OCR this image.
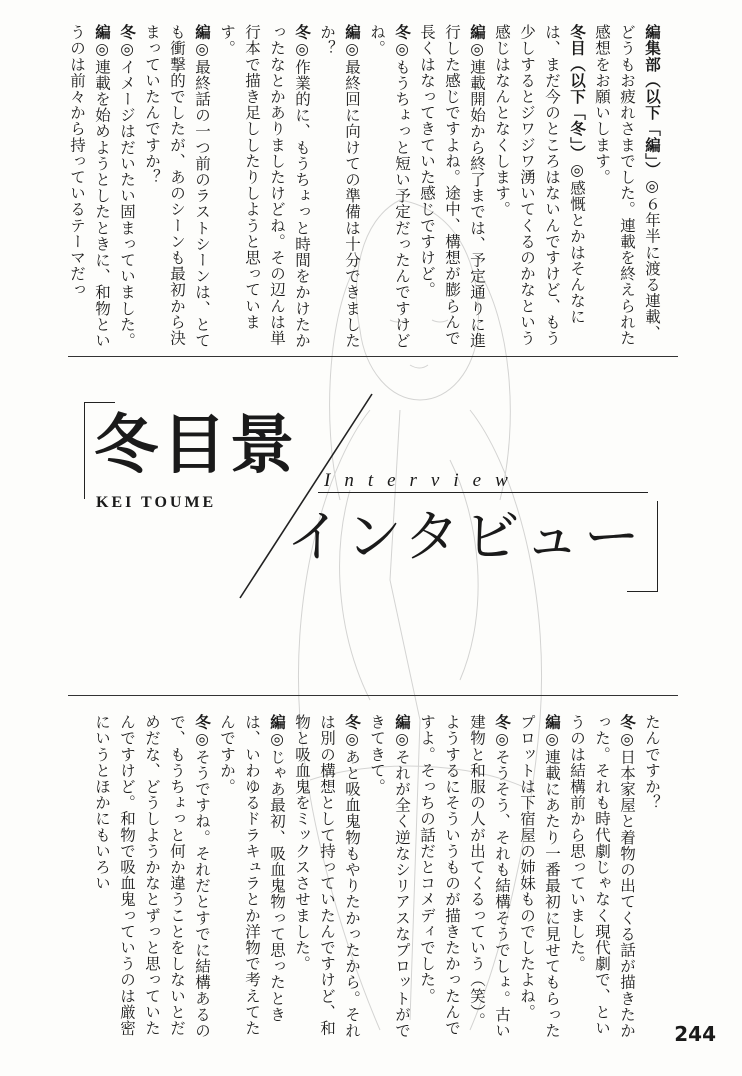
編集部（以下「編」）◎６年半に渡る連載、どうもお疲れさまでした。連載を終えられた感想をお願いします。

冬目（以下「冬」）◎感慨とかはそんなには、まだ今のところはないんですけど、もう少しするとジワジワ湧いてくるのかなという感じはなんとなくします。

編◎連載開始から終了までは、予定通りに進行した感じですよね。途中、構想が膨らんで長くはなってきていた感じですけど。

冬◎もうちょっと短い予定だったんですけどね。

編◎最終回に向けての準備は十分できましたか？

冬◎作業的に、もうちょっと時間をかけたかったなとかありましたけどね。その辺んは単行本で描き足ししたりしようと思っています。

編◎最終話の一つ前のラストシーンは、とても衝撃的でしたが、あのシーンも最初から決まっていたんですか？

冬◎イメージはだいたい固まっていました。

編◎連載を始めようとしたときに、和物というのは前々から持っているテーマだっ

冬目景
KEI TOUME
Interview
インタビュー

たんですか？

冬◎日本家屋と着物の出てくる話が描きたかった。それも時代劇じゃなく現代劇で、というのは結構前から思っていました。

編◎連載にあたり一番最初に見せてもらったプロットは下宿屋の姉妹ものでしたよね。

冬◎そうそう、それも結構そうでしょ。古い建物と和服の人が出てくるっていう（笑）。ようするにそういうものが描きたかったんですよ。そっちの話だとコメディでした。

編◎それが全く逆なシリアスなプロットができてきて。

冬◎あと吸血鬼物もやりたかったから。それは別の構想として持っていたんですけど、和物と吸血鬼をミックスさせました。

編◎じゃあ最初、吸血鬼物って思ったときは、いわゆるドラキュラとか洋物で考えてたんですか。

冬◎そうですね。それだとすでに結構あるので、もうちょっと何か違うことをしないとだめだな、どうしようかなとずっと思っていたんですけど。和物で吸血鬼っていうのは厳密にいうとほかにもいろい

244
